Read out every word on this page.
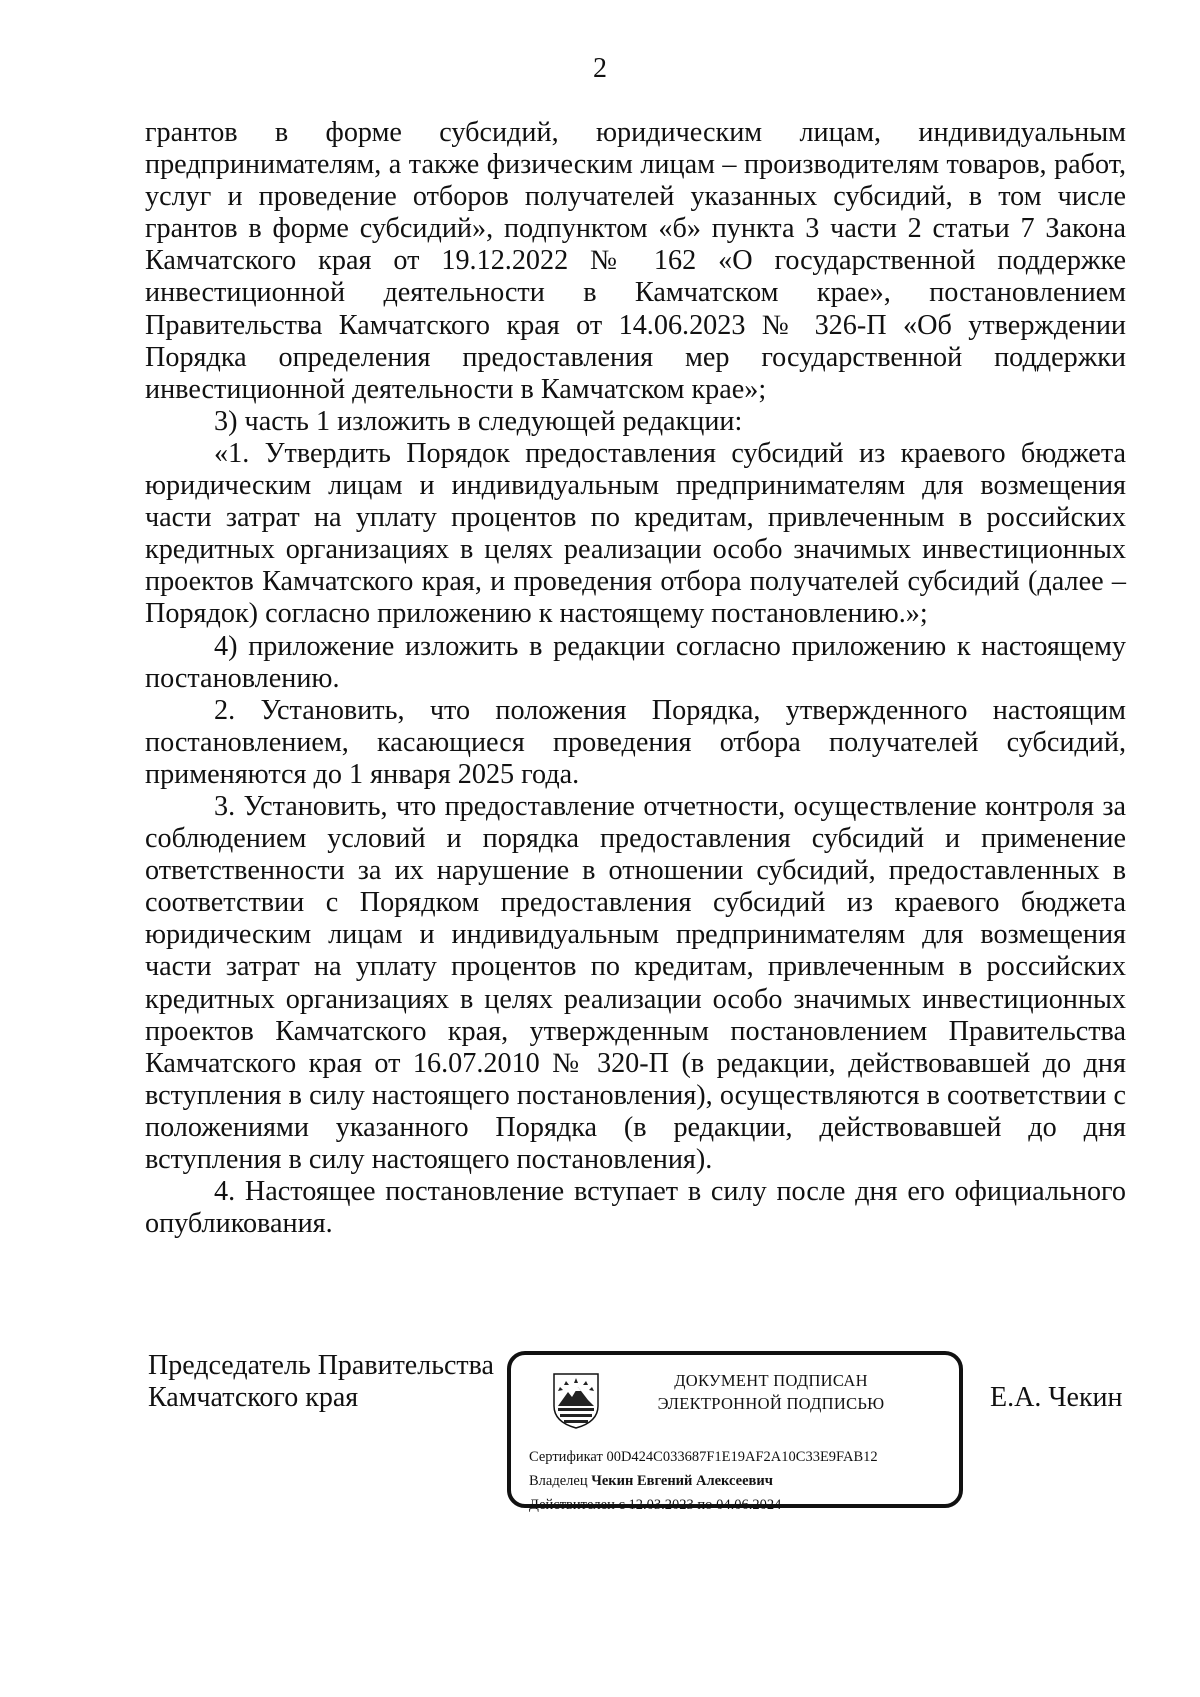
2

грантов в форме субсидий, юридическим лицам, индивидуальным предпринимателям, а также физическим лицам – производителям товаров, работ, услуг и проведение отборов получателей указанных субсидий, в том числе грантов в форме субсидий», подпунктом «б» пункта 3 части 2 статьи 7 Закона Камчатского края от 19.12.2022 № 162 «О государственной поддержке инвестиционной деятельности в Камчатском крае», постановлением Правительства Камчатского края от 14.06.2023 № 326-П «Об утверждении Порядка определения предоставления мер государственной поддержки инвестиционной деятельности в Камчатском крае»;

3) часть 1 изложить в следующей редакции:

«1. Утвердить Порядок предоставления субсидий из краевого бюджета юридическим лицам и индивидуальным предпринимателям для возмещения части затрат на уплату процентов по кредитам, привлеченным в российских кредитных организациях в целях реализации особо значимых инвестиционных проектов Камчатского края, и проведения отбора получателей субсидий (далее – Порядок) согласно приложению к настоящему постановлению.»;

4) приложение изложить в редакции согласно приложению к настоящему постановлению.

2. Установить, что положения Порядка, утвержденного настоящим постановлением, касающиеся проведения отбора получателей субсидий, применяются до 1 января 2025 года.

3. Установить, что предоставление отчетности, осуществление контроля за соблюдением условий и порядка предоставления субсидий и применение ответственности за их нарушение в отношении субсидий, предоставленных в соответствии с Порядком предоставления субсидий из краевого бюджета юридическим лицам и индивидуальным предпринимателям для возмещения части затрат на уплату процентов по кредитам, привлеченным в российских кредитных организациях в целях реализации особо значимых инвестиционных проектов Камчатского края, утвержденным постановлением Правительства Камчатского края от 16.07.2010 № 320-П (в редакции, действовавшей до дня вступления в силу настоящего постановления), осуществляются в соответствии с положениями указанного Порядка (в редакции, действовавшей до дня вступления в силу настоящего постановления).

4. Настоящее постановление вступает в силу после дня его официального опубликования.

Председатель Правительства
Камчатского края
ДОКУМЕНТ ПОДПИСАН
ЭЛЕКТРОННОЙ ПОДПИСЬЮ
Сертификат 00D424C033687F1E19AF2A10C33E9FAB12
Владелец Чекин Евгений Алексеевич
Действителен с 12.03.2023 по 04.06.2024
Е.А. Чекин
